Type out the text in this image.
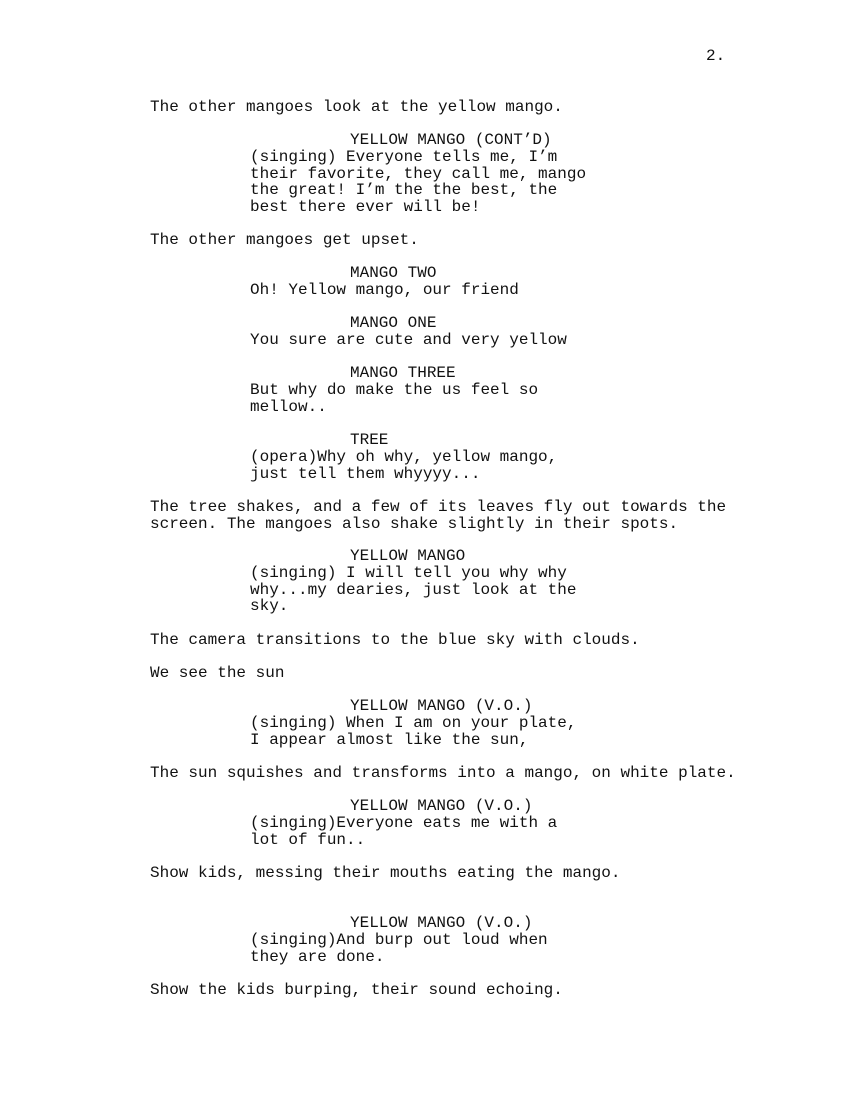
2.
The other mangoes look at the yellow mango.
YELLOW MANGO (CONT’D)
(singing) Everyone tells me, I’m
their favorite, they call me, mango
the great! I’m the the best, the
best there ever will be!
The other mangoes get upset.
MANGO TWO
Oh! Yellow mango, our friend
MANGO ONE
You sure are cute and very yellow
MANGO THREE
But why do make the us feel so
mellow..
TREE
(opera)Why oh why, yellow mango,
just tell them whyyyy...
The tree shakes, and a few of its leaves fly out towards the
screen. The mangoes also shake slightly in their spots.
YELLOW MANGO
(singing) I will tell you why why
why...my dearies, just look at the
sky.
The camera transitions to the blue sky with clouds.
We see the sun
YELLOW MANGO (V.O.)
(singing) When I am on your plate,
I appear almost like the sun,
The sun squishes and transforms into a mango, on white plate.
YELLOW MANGO (V.O.)
(singing)Everyone eats me with a
lot of fun..
Show kids, messing their mouths eating the mango.
YELLOW MANGO (V.O.)
(singing)And burp out loud when
they are done.
Show the kids burping, their sound echoing.
